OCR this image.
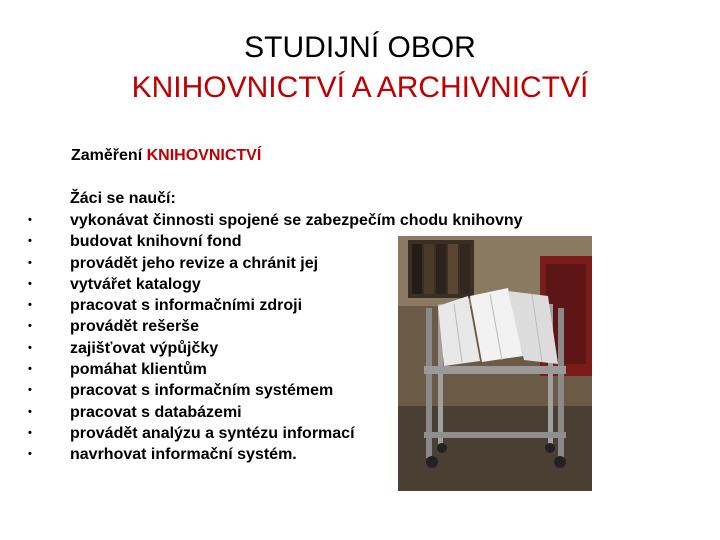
STUDIJNÍ OBOR
KNIHOVNICTVÍ A ARCHIVNICTVÍ
Zaměření KNIHOVNICTVÍ
Žáci se naučí:
•	vykonávat činnosti spojené se zabezpečím chodu knihovny
•	budovat knihovní fond
•	provádět jeho revize a chránit jej
•	vytvářet katalogy
•	pracovat s informačními zdroji
•	provádět rešerše
•	zajišťovat výpůjčky
•	pomáhat klientům
•	pracovat s informačním systémem
•	pracovat s databázemi
•	provádět analýzu a syntézu informací
•	navrhovat informační systém.
